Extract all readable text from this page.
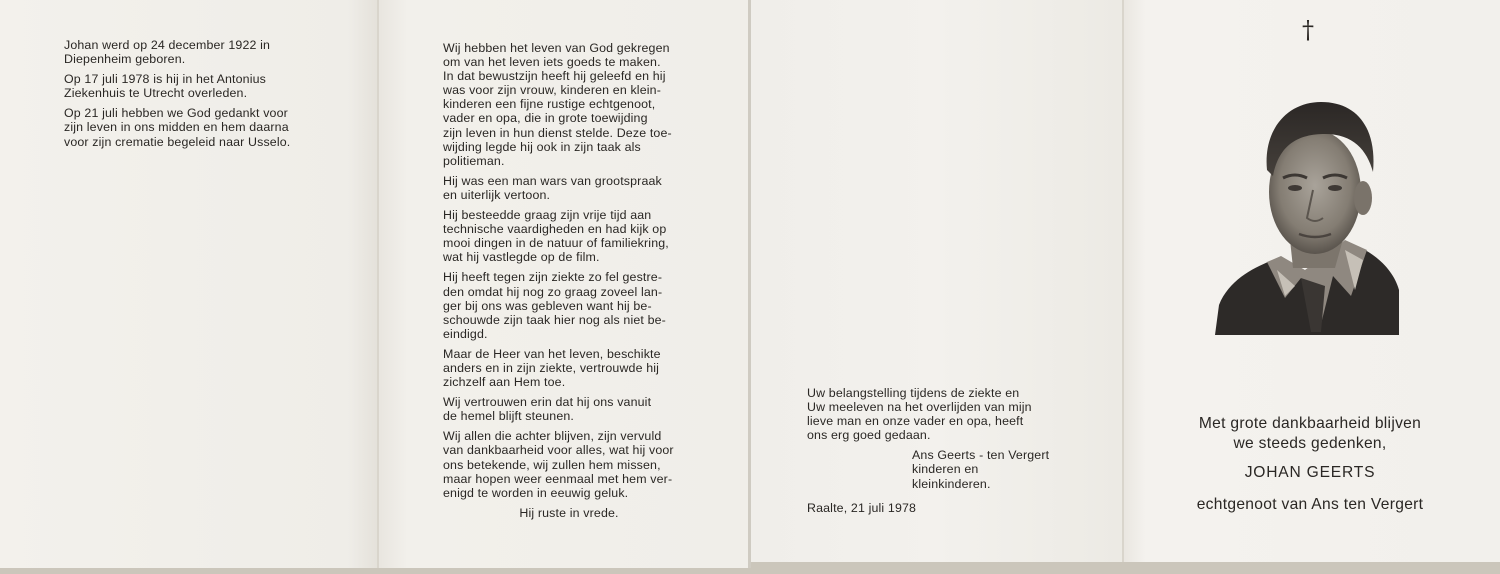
Johan werd op 24 december 1922 in
Diepenheim geboren.

Op 17 juli 1978 is hij in het Antonius
Ziekenhuis te Utrecht overleden.

Op 21 juli hebben we God gedankt voor
zijn leven in ons midden en hem daarna
voor zijn crematie begeleid naar Usselo.

Wij hebben het leven van God gekregen
om van het leven iets goeds te maken.
In dat bewustzijn heeft hij geleefd en hij
was voor zijn vrouw, kinderen en klein-
kinderen een fijne rustige echtgenoot,
vader en opa, die in grote toewijding
zijn leven in hun dienst stelde. Deze toe-
wijding legde hij ook in zijn taak als
politieman.

Hij was een man wars van grootspraak
en uiterlijk vertoon.

Hij besteedde graag zijn vrije tijd aan
technische vaardigheden en had kijk op
mooi dingen in de natuur of familiekring,
wat hij vastlegde op de film.

Hij heeft tegen zijn ziekte zo fel gestre-
den omdat hij nog zo graag zoveel lan-
ger bij ons was gebleven want hij be-
schouwde zijn taak hier nog als niet be-
eindigd.

Maar de Heer van het leven, beschikte
anders en in zijn ziekte, vertrouwde hij
zichzelf aan Hem toe.

Wij vertrouwen erin dat hij ons vanuit
de hemel blijft steunen.

Wij allen die achter blijven, zijn vervuld
van dankbaarheid voor alles, wat hij voor
ons betekende, wij zullen hem missen,
maar hopen weer eenmaal met hem ver-
enigd te worden in eeuwig geluk.

Hij ruste in vrede.

Uw belangstelling tijdens de ziekte en
Uw meeleven na het overlijden van mijn
lieve man en onze vader en opa, heeft
ons erg goed gedaan.

Ans Geerts - ten Vergert
kinderen en
kleinkinderen.

Raalte, 21 juli 1978

†
Met grote dankbaarheid blijven
we steeds gedenken,
JOHAN GEERTS
echtgenoot van Ans ten Vergert
